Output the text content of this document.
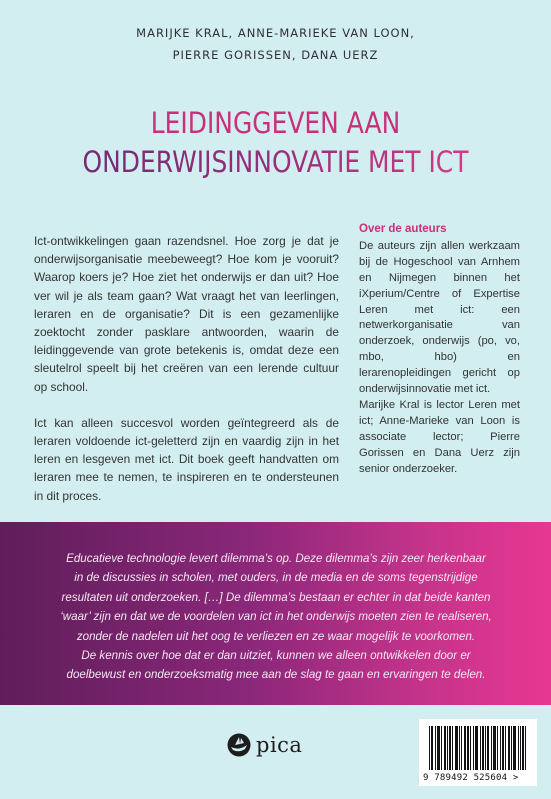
MARIJKE KRAL, ANNE-MARIEKE VAN LOON,
PIERRE GORISSEN, DANA UERZ
LEIDINGGEVEN AAN
ONDERWIJSINNOVATIE MET ICT

Ict-ontwikkelingen gaan razendsnel. Hoe zorg je dat je onderwijsorganisatie meebeweegt? Hoe kom je vooruit? Waarop koers je? Hoe ziet het onderwijs er dan uit? Hoe ver wil je als team gaan? Wat vraagt het van leerlingen, leraren en de organisatie? Dit is een gezamenlijke zoektocht zonder pasklare antwoorden, waarin de leidinggevende van grote betekenis is, omdat deze een sleutelrol speelt bij het creëren van een lerende cultuur op school.

Ict kan alleen succesvol worden geïntegreerd als de leraren voldoende ict-geletterd zijn en vaardig zijn in het leren en lesgeven met ict. Dit boek geeft handvatten om leraren mee te nemen, te inspireren en te ondersteunen in dit proces.

Over de auteurs

De auteurs zijn allen werkzaam bij de Hogeschool van Arnhem en Nijmegen binnen het iXperium/Centre of Expertise Leren met ict: een netwerkorganisatie van onderzoek, onderwijs (po, vo, mbo, hbo) en lerarenopleidingen gericht op onderwijsinnovatie met ict.

Marijke Kral is lector Leren met ict; Anne-Marieke van Loon is associate lector; Pierre Gorissen en Dana Uerz zijn senior onderzoeker.

Educatieve technologie levert dilemma’s op. Deze dilemma’s zijn zeer herkenbaar
in de discussies in scholen, met ouders, in de media en de soms tegenstrijdige
resultaten uit onderzoeken. […] De dilemma’s bestaan er echter in dat beide kanten
‘waar’ zijn en dat we de voordelen van ict in het onderwijs moeten zien te realiseren,
zonder de nadelen uit het oog te verliezen en ze waar mogelijk te voorkomen.
De kennis over hoe dat er dan uitziet, kunnen we alleen ontwikkelen door er
doelbewust en onderzoeksmatig mee aan de slag te gaan en ervaringen te delen.
pica
9 789492 525604 >
